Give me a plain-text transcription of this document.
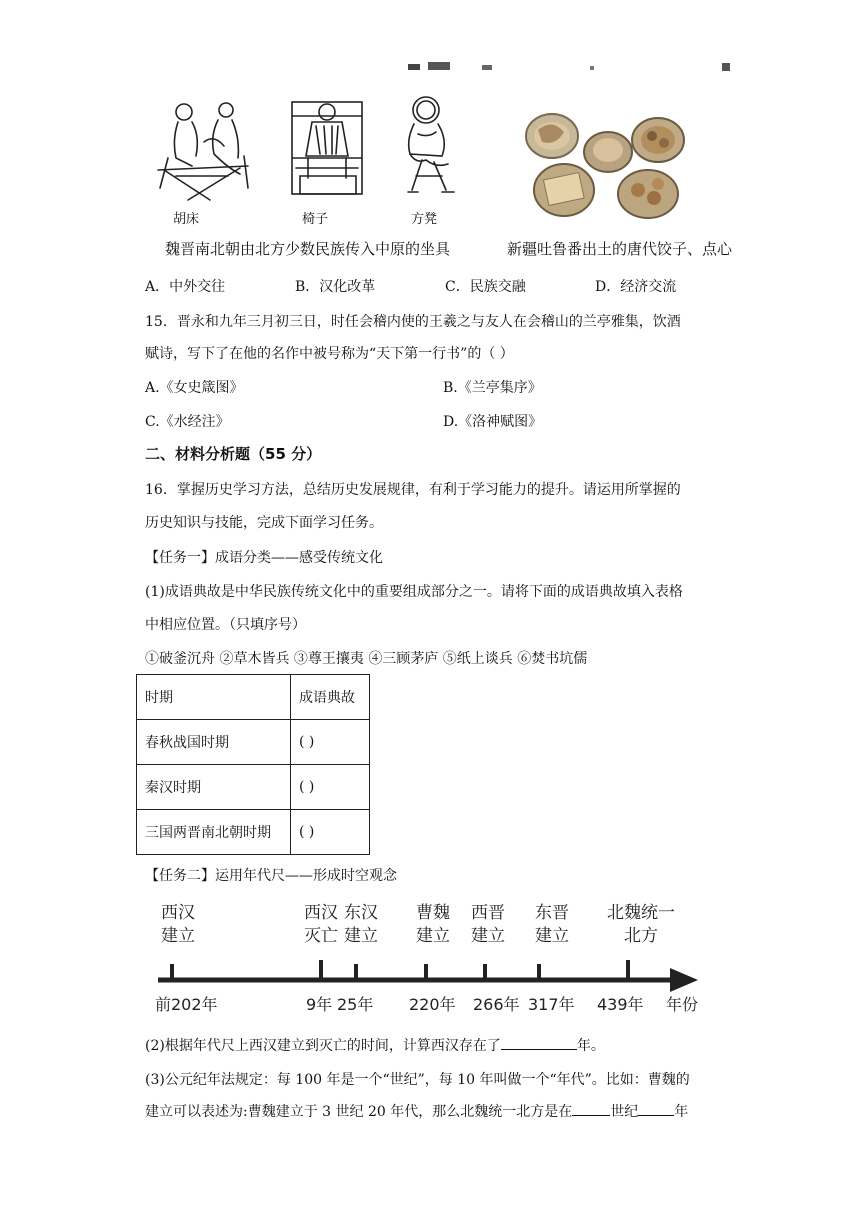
胡床	椅子	方凳
魏晋南北朝由北方少数民族传入中原的坐具	新疆吐鲁番出土的唐代饺子、点心
A．中外交往	B．汉化改革	C．民族交融	D．经济交流
15．晋永和九年三月初三日，时任会稽内使的王羲之与友人在会稽山的兰亭雅集，饮酒
赋诗，写下了在他的名作中被号称为“天下第一行书”的（ ）
A.《女史箴图》	B.《兰亭集序》
C.《水经注》	D.《洛神赋图》
二、材料分析题（55 分）
16．掌握历史学习方法，总结历史发展规律，有利于学习能力的提升。请运用所掌握的
历史知识与技能，完成下面学习任务。
【任务一】成语分类——感受传统文化
(1)成语典故是中华民族传统文化中的重要组成部分之一。请将下面的成语典故填入表格
中相应位置。（只填序号）
①破釜沉舟 ②草木皆兵 ③尊王攘夷 ④三顾茅庐 ⑤纸上谈兵 ⑥焚书坑儒
时期	成语典故
春秋战国时期	( )
秦汉时期	( )
三国两晋南北朝时期	( )
【任务二】运用年代尺——形成时空观念
西汉
建立
西汉
灭亡
东汉
建立
曹魏
建立
西晋
建立
东晋
建立
北魏统一
北方
前202年	9年 25年 220年 266年 317年 439年 年份
(2)根据年代尺上西汉建立到灭亡的时间，计算西汉存在了	年。
(3)公元纪年法规定：每 100 年是一个“世纪”，每 10 年叫做一个“年代”。比如：曹魏的
建立可以表述为:曹魏建立于 3 世纪 20 年代，那么北魏统一北方是在	世纪	年
